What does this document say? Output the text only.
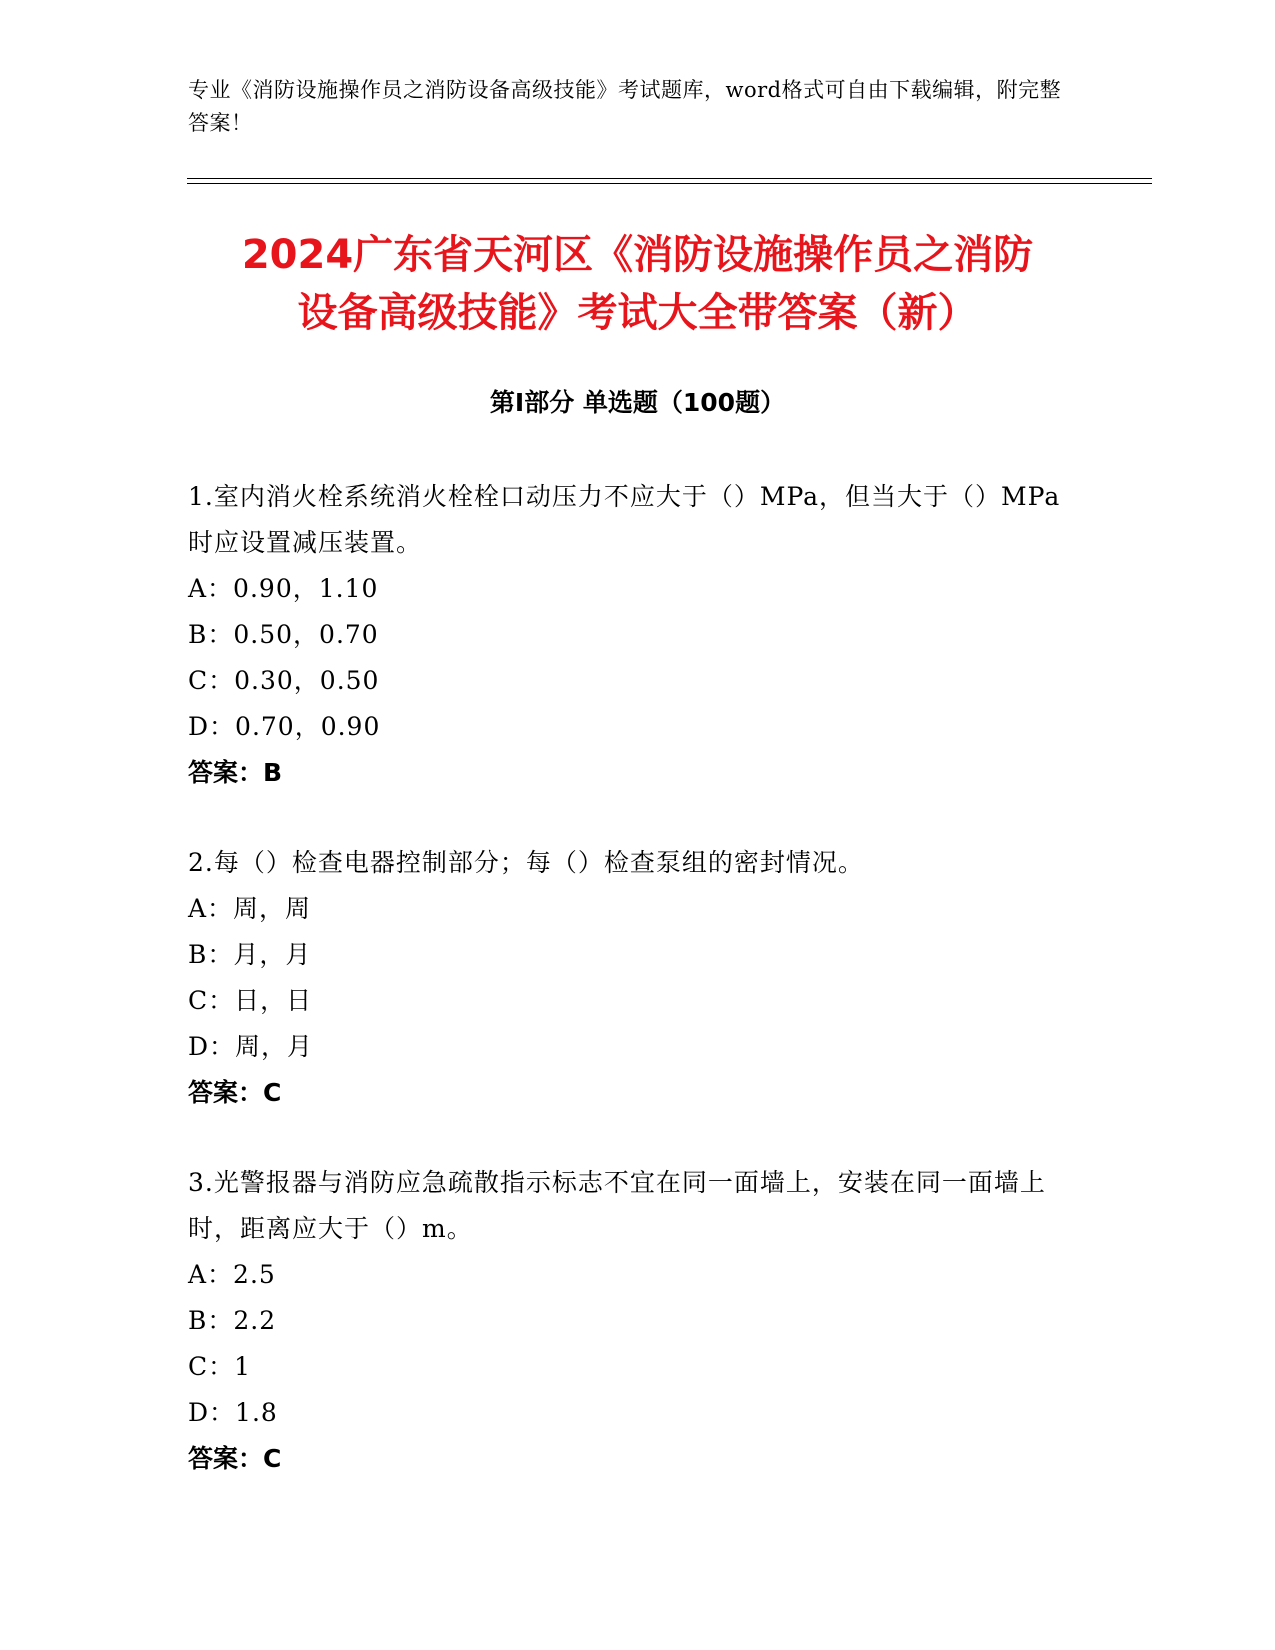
专业《消防设施操作员之消防设备高级技能》考试题库，word格式可自由下载编辑，附完整答案！
2024广东省天河区《消防设施操作员之消防
设备高级技能》考试大全带答案（新）
第Ⅰ部分 单选题（100题）

1.室内消火栓系统消火栓栓口动压力不应大于（）MPa，但当大于（）MPa时应设置减压装置。

A：0.90，1.10

B：0.50，0.70

C：0.30，0.50

D：0.70，0.90

答案：B

2.每（）检查电器控制部分；每（）检查泵组的密封情况。

A：周，周

B：月，月

C：日，日

D：周，月

答案：C

3.光警报器与消防应急疏散指示标志不宜在同一面墙上，安装在同一面墙上时，距离应大于（）m。

A：2.5

B：2.2

C：1

D：1.8

答案：C
